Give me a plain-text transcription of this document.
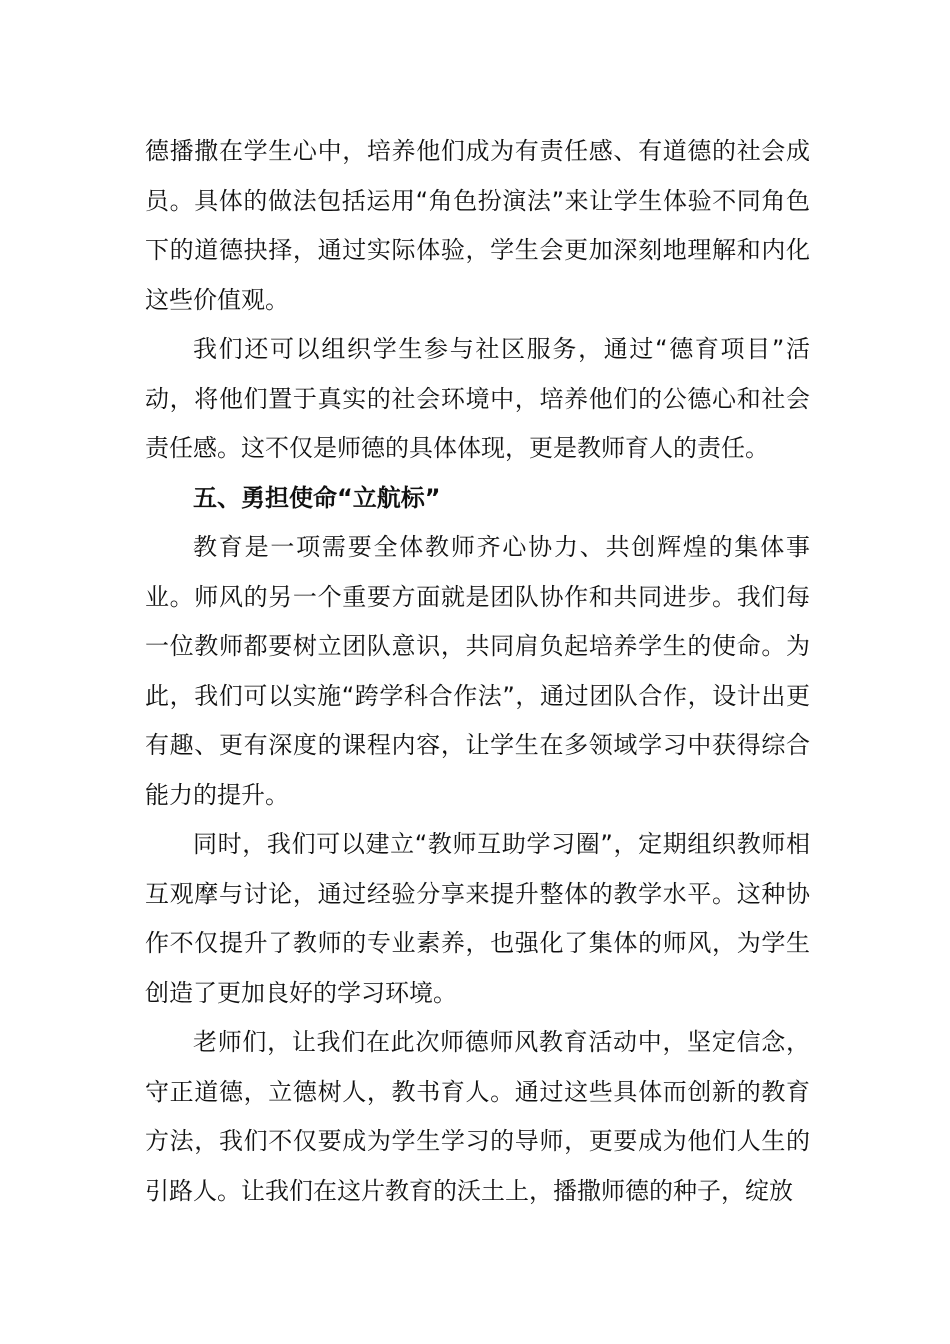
德播撒在学生心中，培养他们成为有责任感、有道德的社会成员。具体的做法包括运用“角色扮演法”来让学生体验不同角色下的道德抉择，通过实际体验，学生会更加深刻地理解和内化这些价值观。

我们还可以组织学生参与社区服务，通过“德育项目”活动，将他们置于真实的社会环境中，培养他们的公德心和社会责任感。这不仅是师德的具体体现，更是教师育人的责任。

五、勇担使命“立航标”

教育是一项需要全体教师齐心协力、共创辉煌的集体事业。师风的另一个重要方面就是团队协作和共同进步。我们每一位教师都要树立团队意识，共同肩负起培养学生的使命。为此，我们可以实施“跨学科合作法”，通过团队合作，设计出更有趣、更有深度的课程内容，让学生在多领域学习中获得综合能力的提升。

同时，我们可以建立“教师互助学习圈”，定期组织教师相互观摩与讨论，通过经验分享来提升整体的教学水平。这种协作不仅提升了教师的专业素养，也强化了集体的师风，为学生创造了更加良好的学习环境。

老师们，让我们在此次师德师风教育活动中，坚定信念，守正道德，立德树人，教书育人。通过这些具体而创新的教育方法，我们不仅要成为学生学习的导师，更要成为他们人生的引路人。让我们在这片教育的沃土上，播撒师德的种子，绽放
